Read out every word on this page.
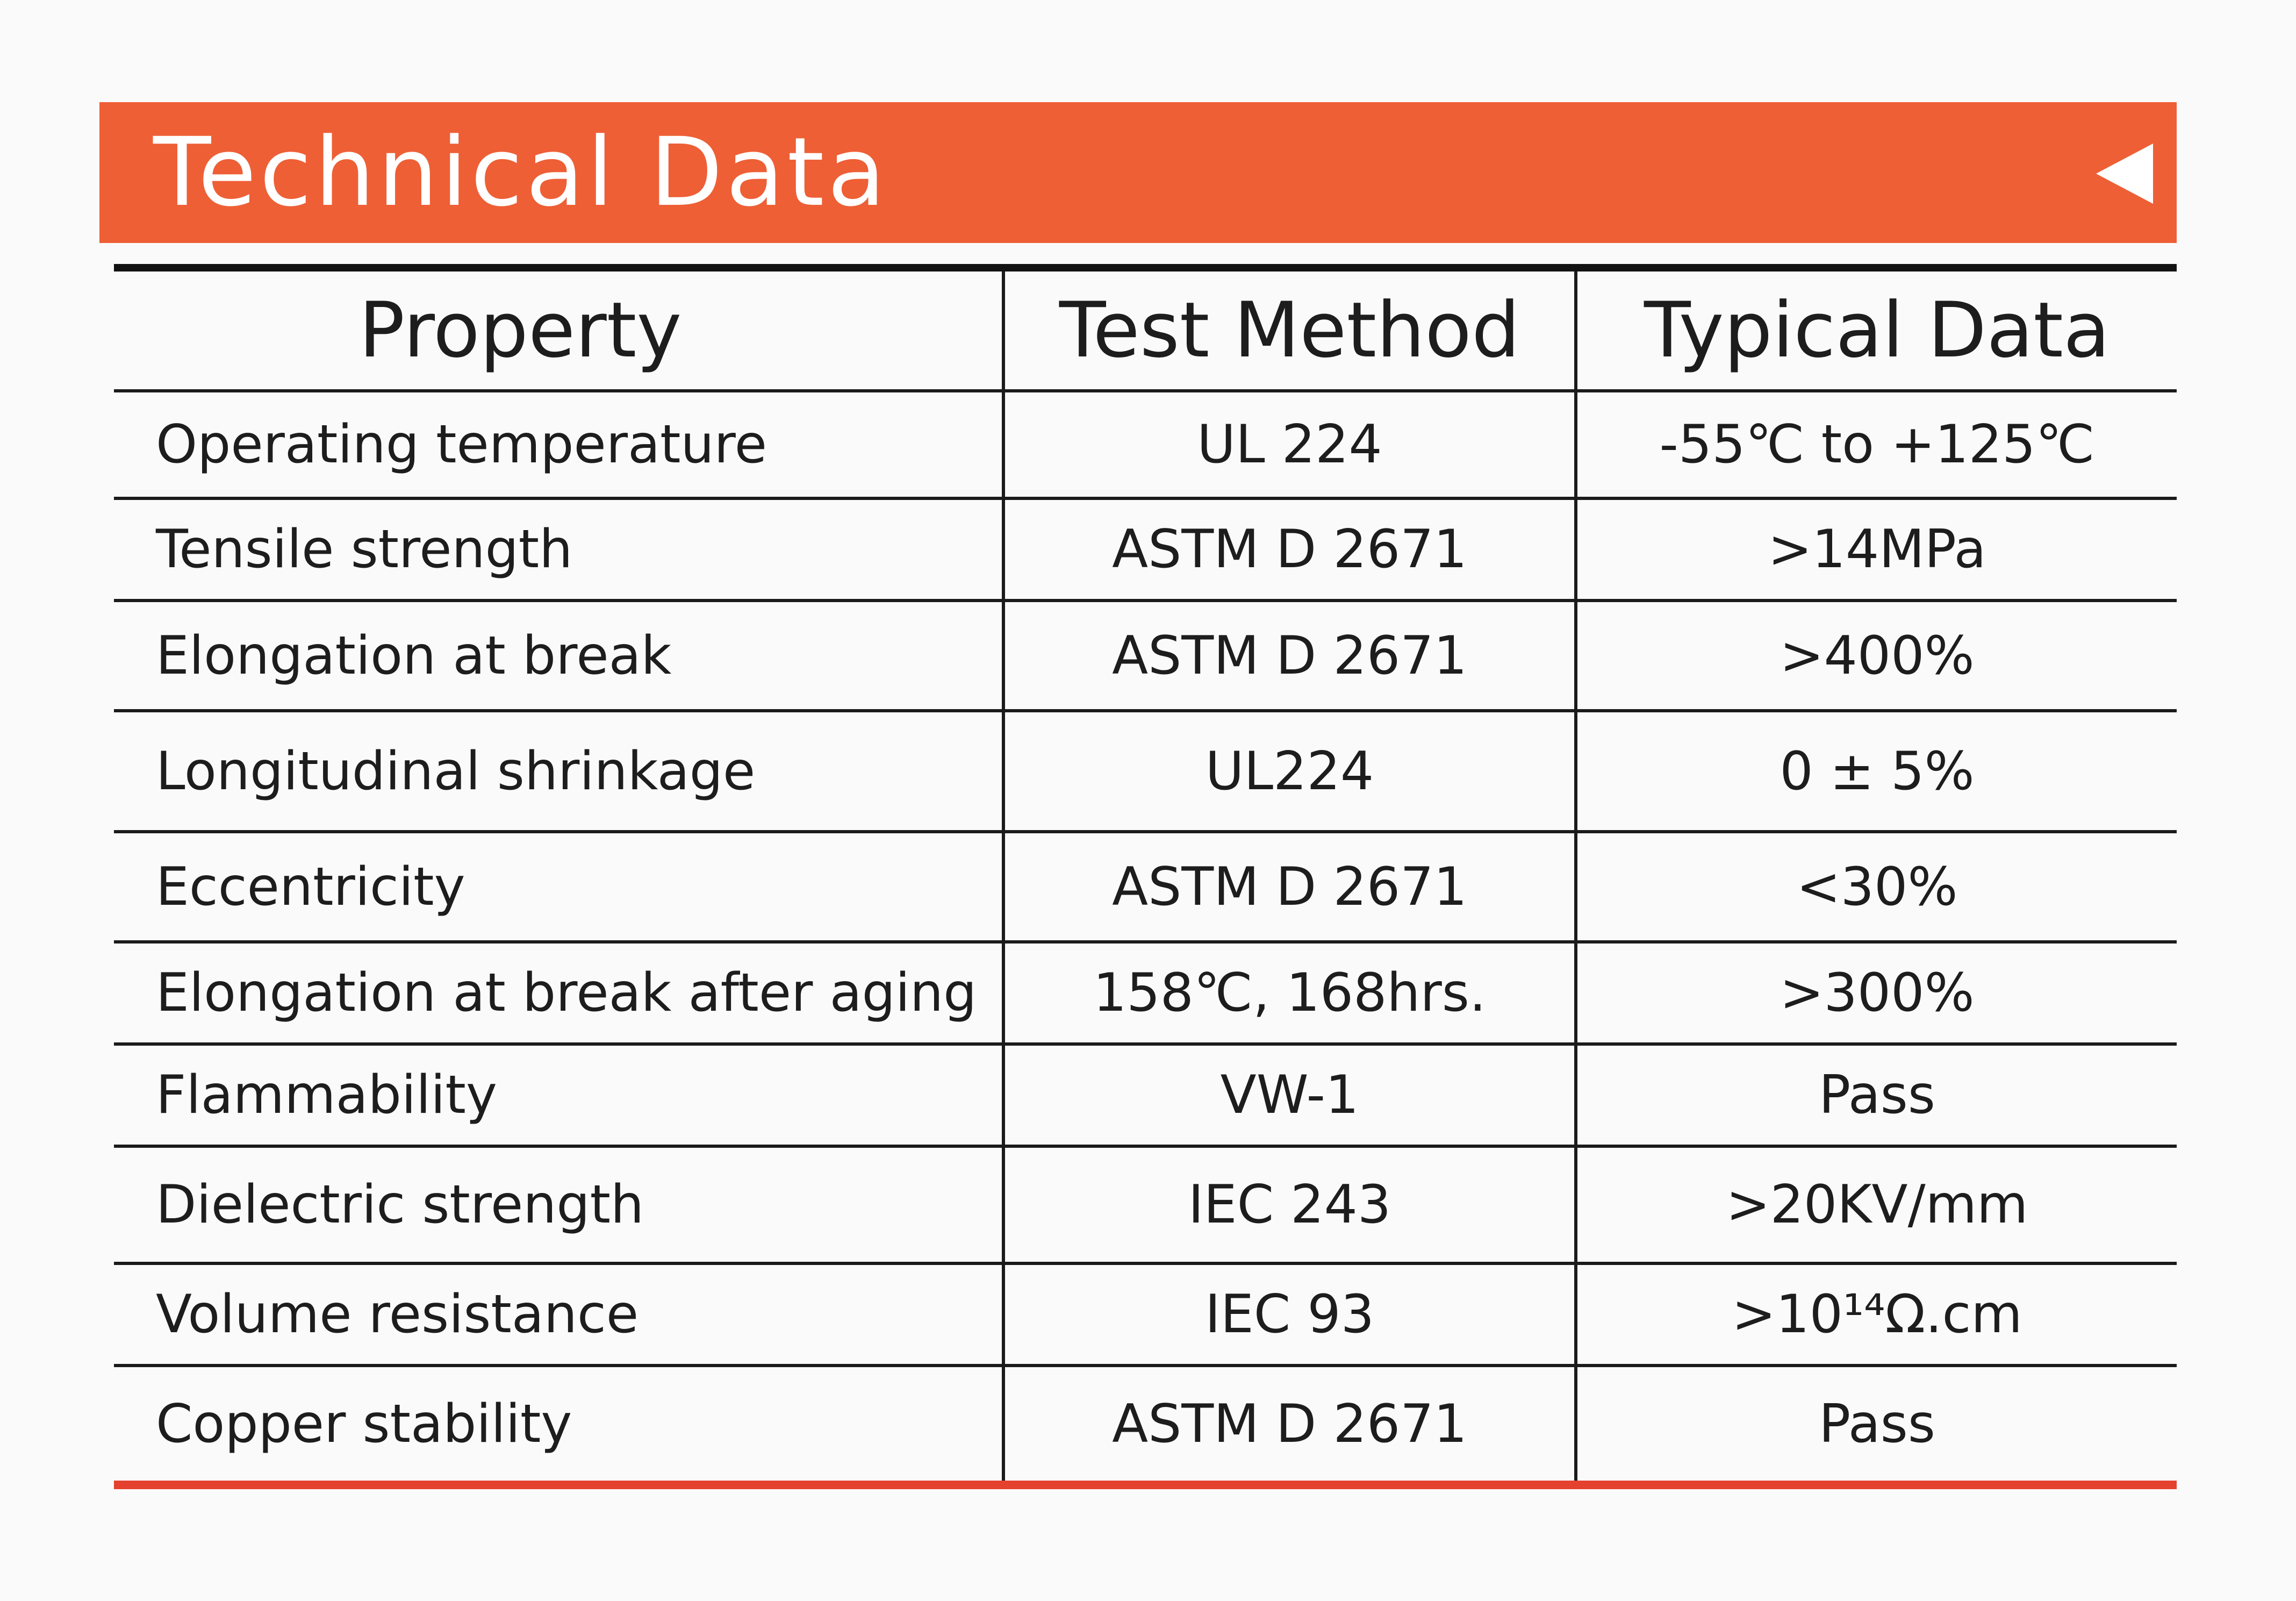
Technical Data
Property	Test Method	Typical Data
Operating temperature	UL 224	-55℃ to +125℃
Tensile strength	ASTM D 2671	>14MPa
Elongation at break	ASTM D 2671	>400%
Longitudinal shrinkage	UL224	0 ± 5%
Eccentricity	ASTM D 2671	<30%
Elongation at break after aging	158℃, 168hrs.	>300%
Flammability	VW-1	Pass
Dielectric strength	IEC 243	>20KV/mm
Volume resistance	IEC 93	>10¹⁴Ω.cm
Copper stability	ASTM D 2671	Pass
